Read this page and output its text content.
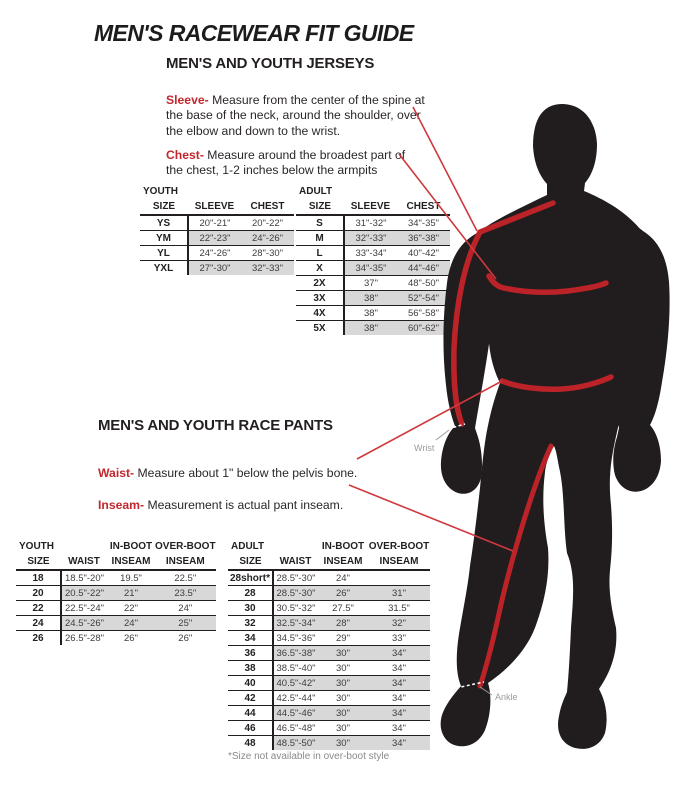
MEN'S RACEWEAR FIT GUIDE
MEN'S AND YOUTH JERSEYS

Sleeve- Measure from the center of the spine at the base of the neck, around the shoulder, over the elbow and down to the wrist.

Chest- Measure around the broadest part of the chest, 1-2 inches below the armpits

YOUTH		
SIZE	SLEEVE	CHEST
YS	20"-21"	20"-22"
YM	22"-23"	24"-26"
YL	24"-26"	28"-30"
YXL	27"-30"	32"-33"
ADULT		
SIZE	SLEEVE	CHEST
S	31"-32"	34"-35"
M	32"-33"	36"-38"
L	33"-34"	40"-42"
X	34"-35"	44"-46"
2X	37"	48"-50"
3X	38"	52"-54"
4X	38"	56"-58"
5X	38"	60"-62"
MEN'S AND YOUTH RACE PANTS

Waist- Measure about 1" below the pelvis bone.

Inseam- Measurement is actual pant inseam.

YOUTH		IN-BOOT	OVER-BOOT
SIZE	WAIST	INSEAM	INSEAM
18	18.5"-20"	19.5"	22.5"
20	20.5"-22"	21"	23.5"
22	22.5"-24"	22"	24"
24	24.5"-26"	24"	25"
26	26.5"-28"	26"	26"
ADULT		IN-BOOT	OVER-BOOT
SIZE	WAIST	INSEAM	INSEAM
28short*	28.5"-30"	24"	
28	28.5"-30"	26"	31"
30	30.5"-32"	27.5"	31.5"
32	32.5"-34"	28"	32"
34	34.5"-36"	29"	33"
36	36.5"-38"	30"	34"
38	38.5"-40"	30"	34"
40	40.5"-42"	30"	34"
42	42.5"-44"	30"	34"
44	44.5"-46"	30"	34"
46	46.5"-48"	30"	34"
48	48.5"-50"	30"	34"
*Size not available in over-boot style
Wrist
Ankle
